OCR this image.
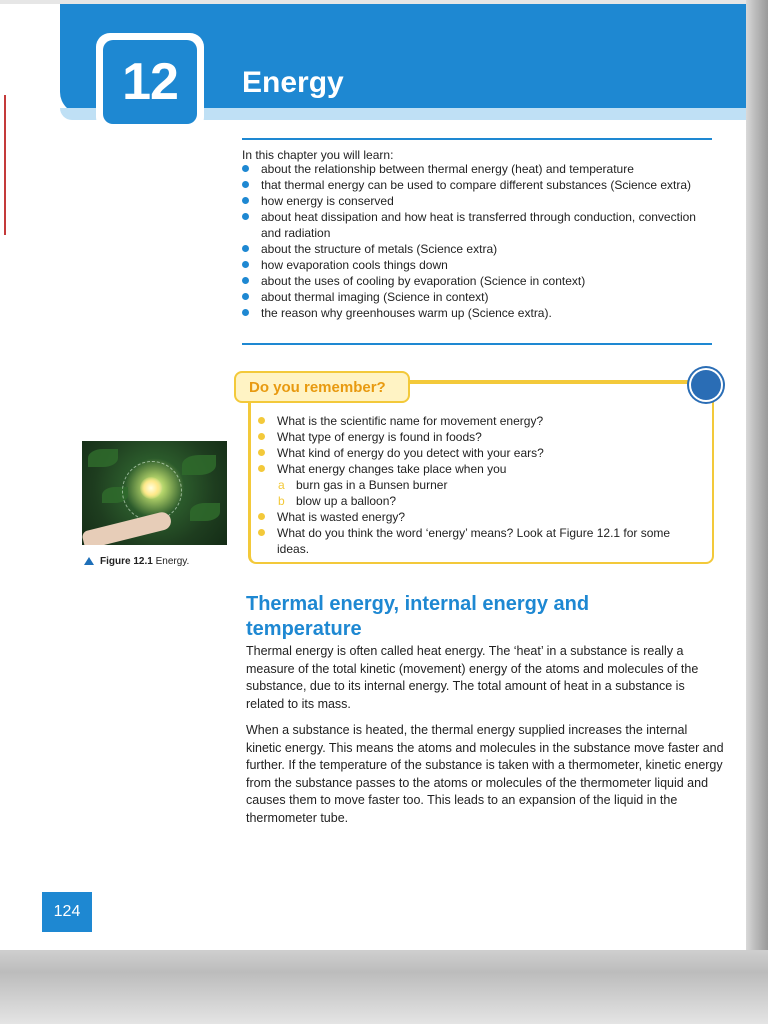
12	Energy
In this chapter you will learn:
about the relationship between thermal energy (heat) and temperature
that thermal energy can be used to compare different substances (Science extra)
how energy is conserved
about heat dissipation and how heat is transferred through conduction, convection and radiation
about the structure of metals (Science extra)
how evaporation cools things down
about the uses of cooling by evaporation (Science in context)
about thermal imaging (Science in context)
the reason why greenhouses warm up (Science extra).
Do you remember?
What is the scientific name for movement energy?
What type of energy is found in foods?
What kind of energy do you detect with your ears?
What energy changes take place when you
a burn gas in a Bunsen burner
b blow up a balloon?
What is wasted energy?
What do you think the word ‘energy’ means? Look at Figure 12.1 for some ideas.
Figure 12.1 Energy.
Thermal energy, internal energy and temperature

Thermal energy is often called heat energy. The ‘heat’ in a substance is really a measure of the total kinetic (movement) energy of the atoms and molecules of the substance, due to its internal energy. The total amount of heat in a substance is related to its mass.

When a substance is heated, the thermal energy supplied increases the internal kinetic energy. This means the atoms and molecules in the substance move faster and further. If the temperature of the substance is taken with a thermometer, kinetic energy from the substance passes to the atoms or molecules of the thermometer liquid and causes them to move faster too. This leads to an expansion of the liquid in the thermometer tube.

124
